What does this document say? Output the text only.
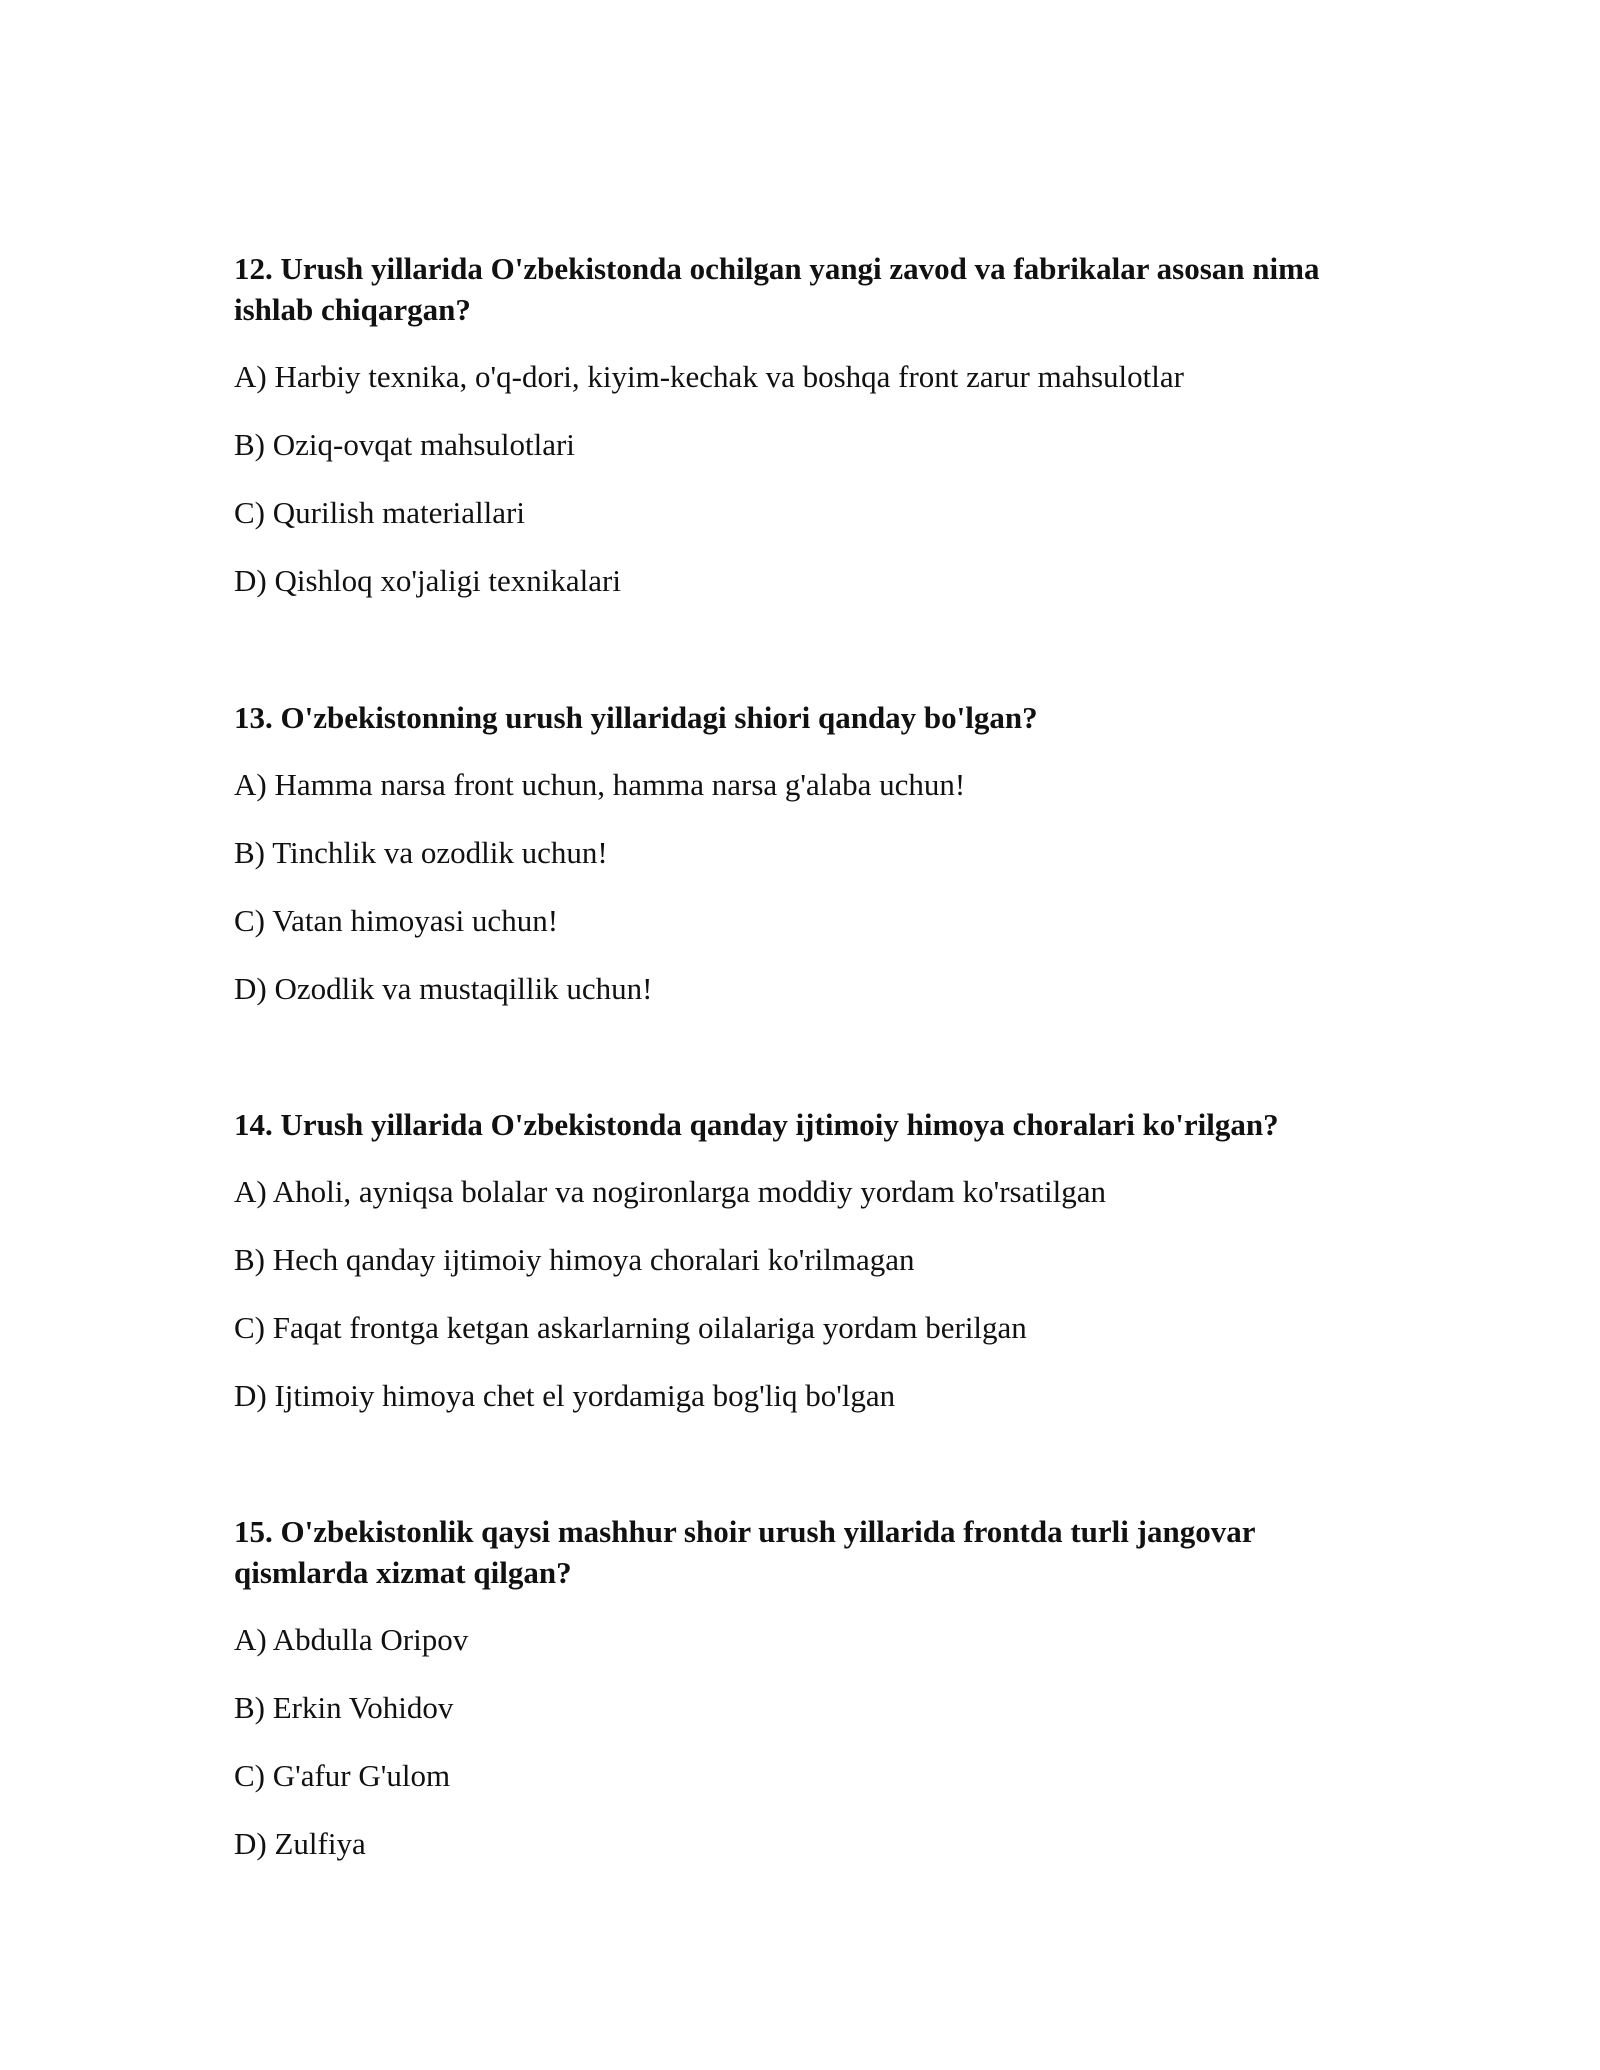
12. Urush yillarida O'zbekistonda ochilgan yangi zavod va fabrikalar asosan nima ishlab chiqargan?

A) Harbiy texnika, o'q-dori, kiyim-kechak va boshqa front zarur mahsulotlar
B) Oziq-ovqat mahsulotlari
C) Qurilish materiallari
D) Qishloq xo'jaligi texnikalari

13. O'zbekistonning urush yillaridagi shiori qanday bo'lgan?

A) Hamma narsa front uchun, hamma narsa g'alaba uchun!
B) Tinchlik va ozodlik uchun!
C) Vatan himoyasi uchun!
D) Ozodlik va mustaqillik uchun!

14. Urush yillarida O'zbekistonda qanday ijtimoiy himoya choralari ko'rilgan?

A) Aholi, ayniqsa bolalar va nogironlarga moddiy yordam ko'rsatilgan
B) Hech qanday ijtimoiy himoya choralari ko'rilmagan
C) Faqat frontga ketgan askarlarning oilalariga yordam berilgan
D) Ijtimoiy himoya chet el yordamiga bog'liq bo'lgan

15. O'zbekistonlik qaysi mashhur shoir urush yillarida frontda turli jangovar qismlarda xizmat qilgan?

A) Abdulla Oripov
B) Erkin Vohidov
C) G'afur G'ulom
D) Zulfiya
